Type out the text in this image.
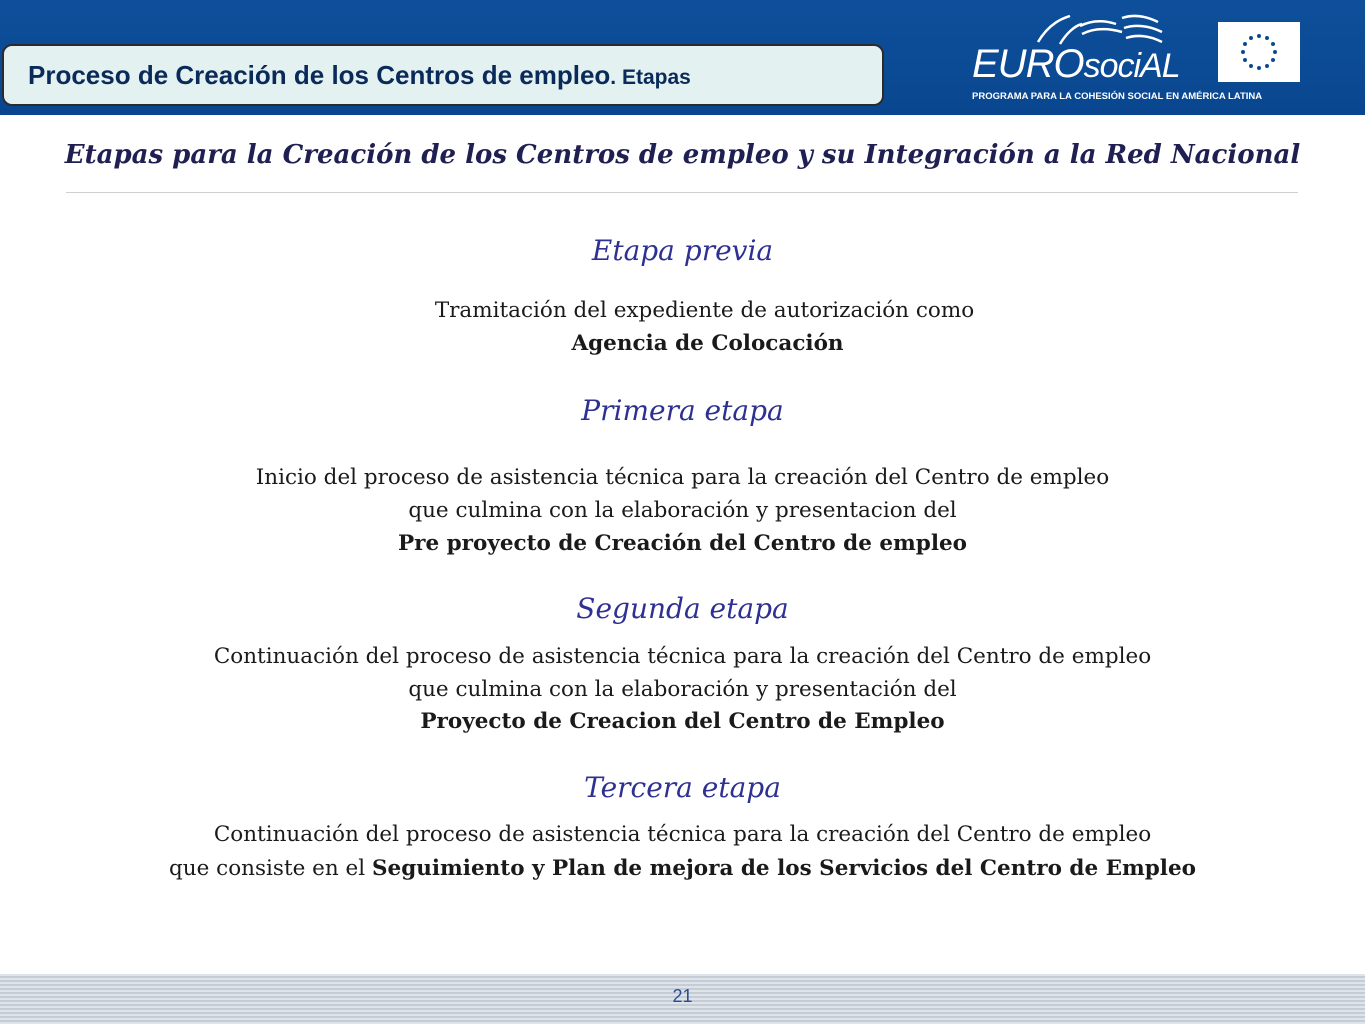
Proceso de Creación de los Centros de empleo. Etapas	EUROsociAL
PROGRAMA PARA LA COHESIÓN SOCIAL EN AMÉRICA LATINA
Etapas para la Creación de los Centros de empleo y su Integración a la Red Nacional
Etapa previa
Tramitación del expediente de autorización como
Agencia de Colocación
Primera etapa
Inicio del proceso de asistencia técnica para la creación del Centro de empleo
que culmina con la elaboración y presentacion del
Pre proyecto de Creación del Centro de empleo
Segunda etapa
Continuación del proceso de asistencia técnica para la creación del Centro de empleo
que culmina con la elaboración y presentación del
Proyecto de Creacion del Centro de Empleo
Tercera etapa
Continuación del proceso de asistencia técnica para la creación del Centro de empleo
que consiste en el Seguimiento y Plan de mejora de los Servicios del Centro de Empleo
21
